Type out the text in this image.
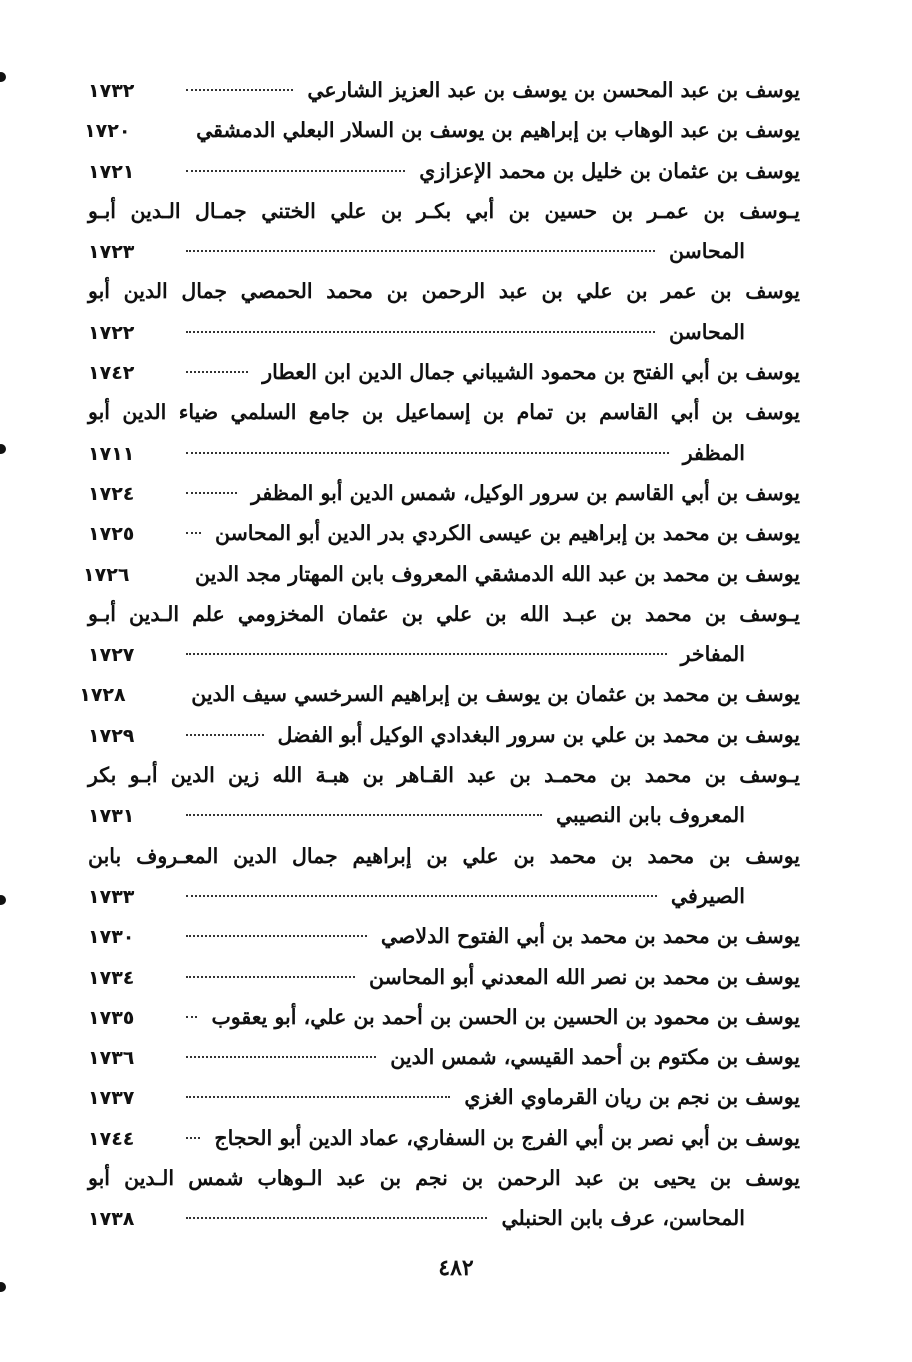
يوسف بن عبد المحسن بن يوسف بن عبد العزيز الشارعي
١٧٣٢
يوسف بن عبد الوهاب بن إبراهيم بن يوسف بن السلار البعلي الدمشقي
١٧٢٠
يوسف بن عثمان بن خليل بن محمد الإعزازي
١٧٢١
يـوسف بن عمـر بن حسين بن أبي بكـر بن علي الختني جمـال الـدين أبـو
المحاسن
١٧٢٣
يوسف بن عمر بن علي بن عبد الرحمن بن محمد الحمصي جمال الدين أبو
المحاسن
١٧٢٢
يوسف بن أبي الفتح بن محمود الشيباني جمال الدين ابن العطار
١٧٤٢
يوسف بن أبي القاسم بن تمام بن إسماعيل بن جامع السلمي ضياء الدين أبو
المظفر
١٧١١
يوسف بن أبي القاسم بن سرور الوكيل، شمس الدين أبو المظفر
١٧٢٤
يوسف بن محمد بن إبراهيم بن عيسى الكردي بدر الدين أبو المحاسن
١٧٢٥
يوسف بن محمد بن عبد الله الدمشقي المعروف بابن المهتار مجد الدين
١٧٢٦
يـوسف بن محمد بن عبـد الله بن علي بن عثمان المخزومي علم الـدين أبـو
المفاخر
١٧٢٧
يوسف بن محمد بن عثمان بن يوسف بن إبراهيم السرخسي سيف الدين
١٧٢٨
يوسف بن محمد بن علي بن سرور البغدادي الوكيل أبو الفضل
١٧٢٩
يـوسف بن محمد بن محمـد بن عبد القـاهر بن هبـة الله زين الدين أبـو بكر
المعروف بابن النصيبي
١٧٣١
يوسف بن محمد بن محمد بن علي بن إبراهيم جمال الدين المعـروف بابن
الصيرفي
١٧٣٣
يوسف بن محمد بن محمد بن أبي الفتوح الدلاصي
١٧٣٠
يوسف بن محمد بن نصر الله المعدني أبو المحاسن
١٧٣٤
يوسف بن محمود بن الحسين بن الحسن بن أحمد بن علي، أبو يعقوب
١٧٣٥
يوسف بن مكتوم بن أحمد القيسي، شمس الدين
١٧٣٦
يوسف بن نجم بن ريان القرماوي الغزي
١٧٣٧
يوسف بن أبي نصر بن أبي الفرج بن السفاري، عماد الدين أبو الحجاج
١٧٤٤
يوسف بن يحيى بن عبد الرحمن بن نجم بن عبد الـوهاب شمس الـدين أبو
المحاسن، عرف بابن الحنبلي
١٧٣٨
٤٨٢
